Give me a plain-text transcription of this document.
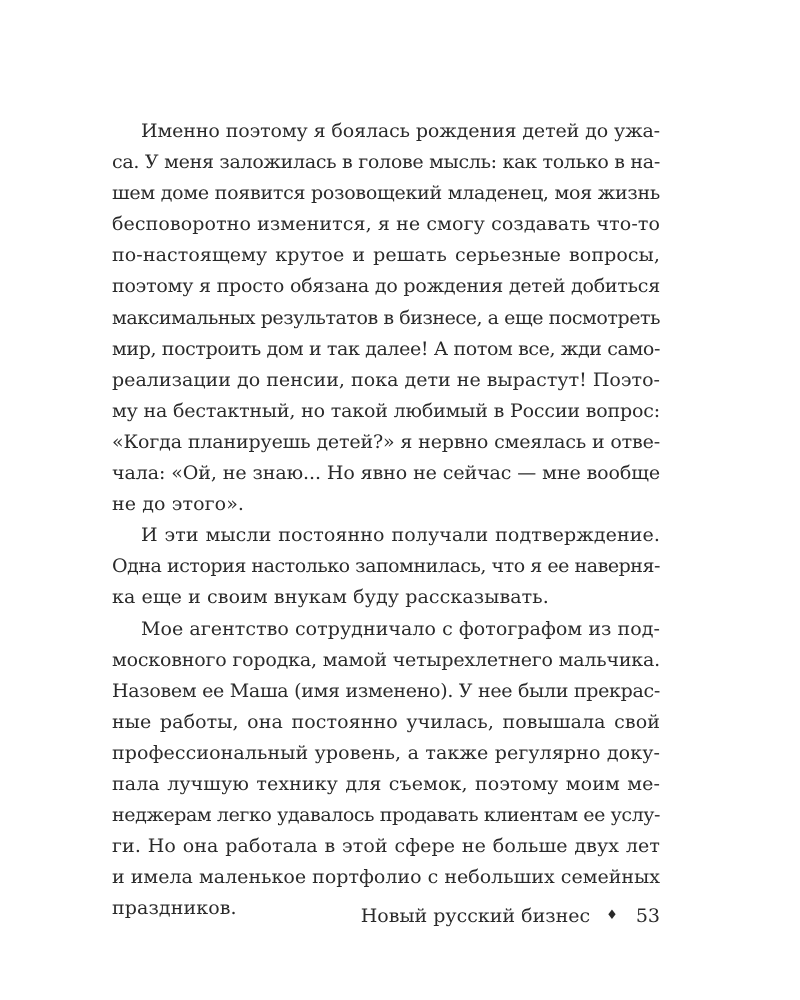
Именно поэтому я боялась рождения детей до ужа-
са. У меня заложилась в голове мысль: как только в на-
шем доме появится розовощекий младенец, моя жизнь
бесповоротно изменится, я не смогу создавать что-то
по-настоящему крутое и решать серьезные вопросы,
поэтому я просто обязана до рождения детей добиться
максимальных результатов в бизнесе, а еще посмотреть
мир, построить дом и так далее! А потом все, жди само-
реализации до пенсии, пока дети не вырастут! Поэто-
му на бестактный, но такой любимый в России вопрос:
«Когда планируешь детей?» я нервно смеялась и отве-
чала: «Ой, не знаю... Но явно не сейчас — мне вообще
не до этого».

И эти мысли постоянно получали подтверждение.
Одна история настолько запомнилась, что я ее наверня-
ка еще и своим внукам буду рассказывать.

Мое агентство сотрудничало с фотографом из под-
московного городка, мамой четырехлетнего мальчика.
Назовем ее Маша (имя изменено). У нее были прекрас-
ные работы, она постоянно училась, повышала свой
профессиональный уровень, а также регулярно доку-
пала лучшую технику для съемок, поэтому моим ме-
неджерам легко удавалось продавать клиентам ее услу-
ги. Но она работала в этой сфере не больше двух лет
и имела маленькое портфолио с небольших семейных
праздников.	Новый русский бизнес ♦ 53
